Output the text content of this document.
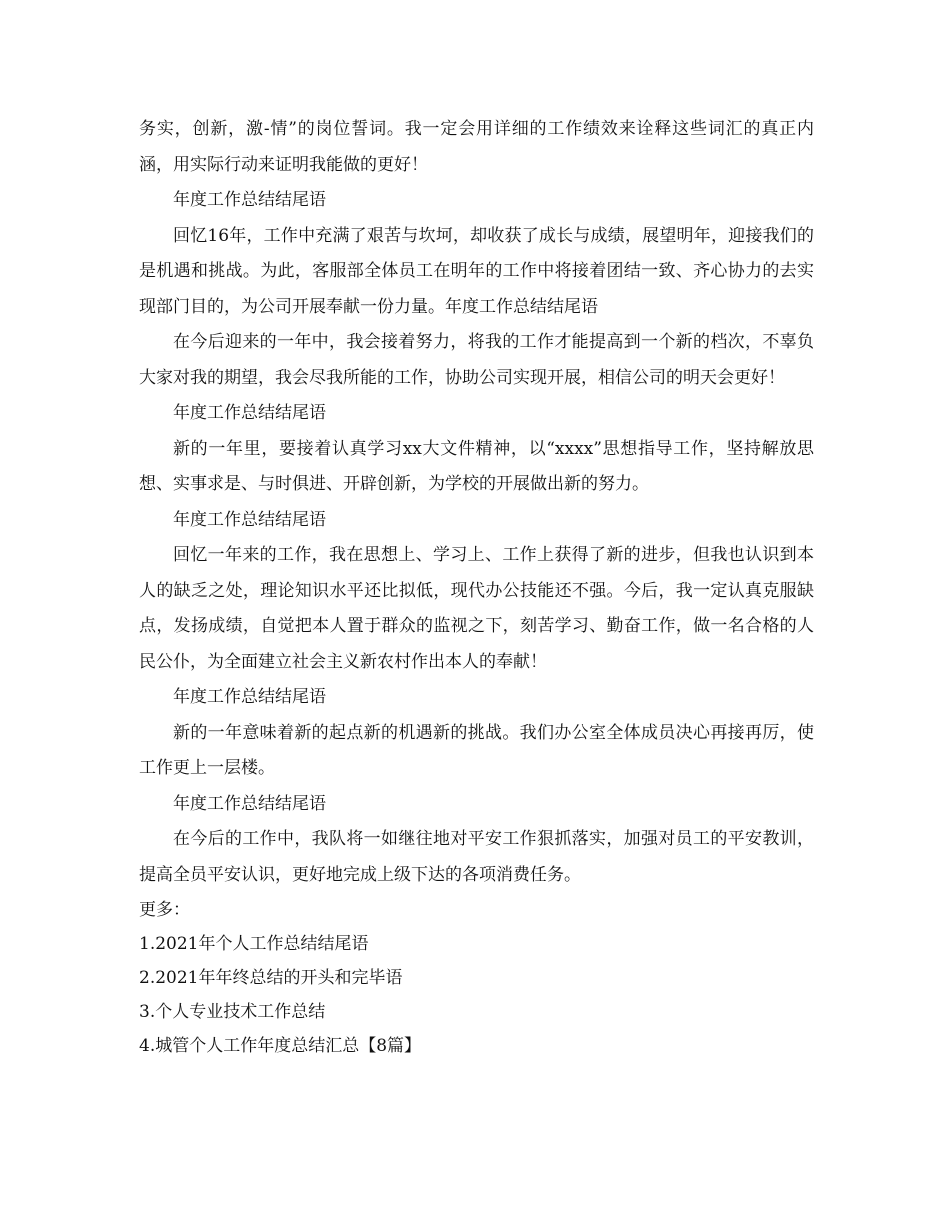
务实，创新，激-情”的岗位誓词。我一定会用详细的工作绩效来诠释这些词汇的真正内涵，用实际行动来证明我能做的更好！

年度工作总结结尾语

回忆16年，工作中充满了艰苦与坎坷，却收获了成长与成绩，展望明年，迎接我们的是机遇和挑战。为此，客服部全体员工在明年的工作中将接着团结一致、齐心协力的去实现部门目的，为公司开展奉献一份力量。年度工作总结结尾语

在今后迎来的一年中，我会接着努力，将我的工作才能提高到一个新的档次，不辜负大家对我的期望，我会尽我所能的工作，协助公司实现开展，相信公司的明天会更好！

年度工作总结结尾语

新的一年里，要接着认真学习xx大文件精神，以“xxxx”思想指导工作，坚持解放思想、实事求是、与时俱进、开辟创新，为学校的开展做出新的努力。

年度工作总结结尾语

回忆一年来的工作，我在思想上、学习上、工作上获得了新的进步，但我也认识到本人的缺乏之处，理论知识水平还比拟低，现代办公技能还不强。今后，我一定认真克服缺点，发扬成绩，自觉把本人置于群众的监视之下，刻苦学习、勤奋工作，做一名合格的人民公仆，为全面建立社会主义新农村作出本人的奉献！

年度工作总结结尾语

新的一年意味着新的起点新的机遇新的挑战。我们办公室全体成员决心再接再厉，使工作更上一层楼。

年度工作总结结尾语

在今后的工作中，我队将一如继往地对平安工作狠抓落实，加强对员工的平安教训，提高全员平安认识，更好地完成上级下达的各项消费任务。

更多：

1.2021年个人工作总结结尾语

2.2021年年终总结的开头和完毕语

3.个人专业技术工作总结

4.城管个人工作年度总结汇总【8篇】
